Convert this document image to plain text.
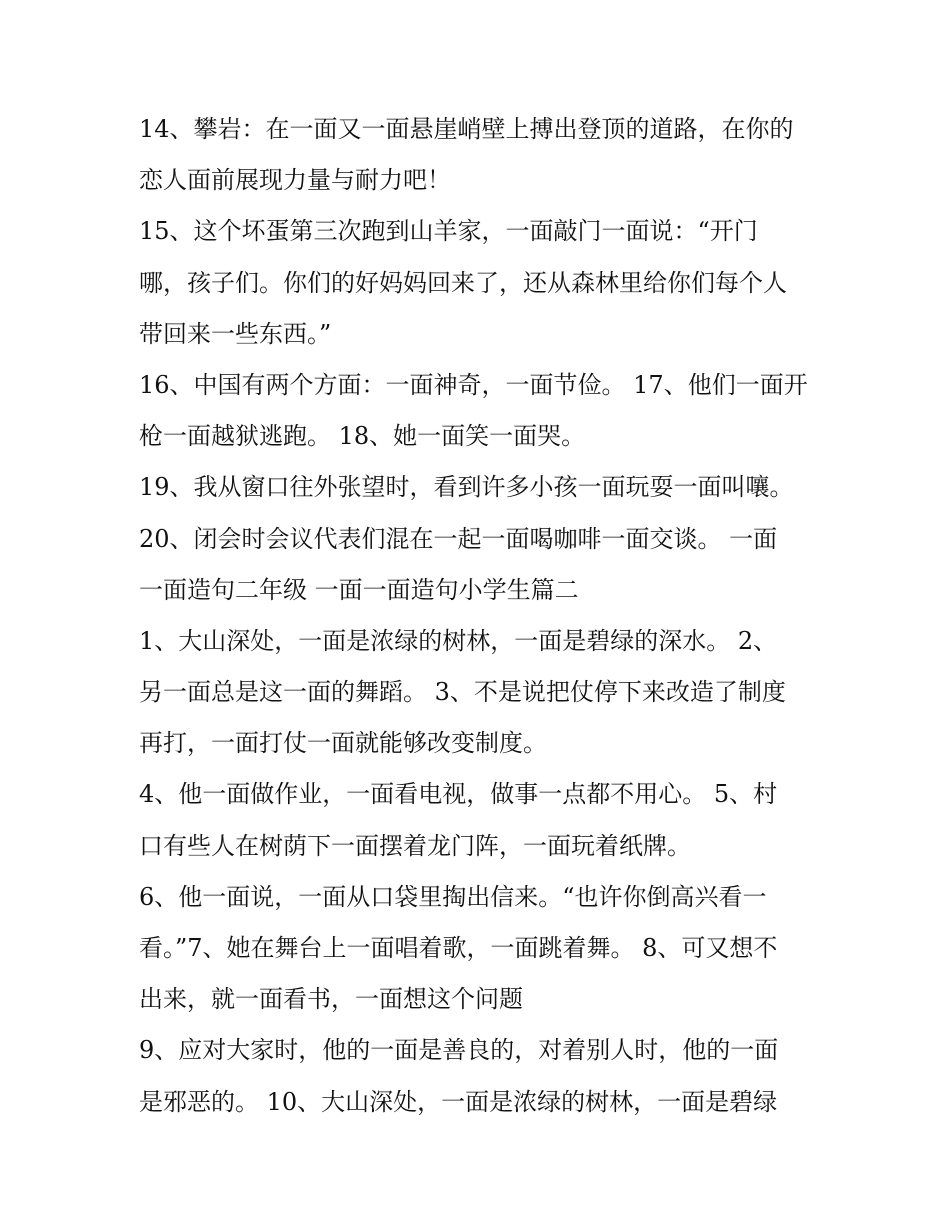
14、攀岩：在一面又一面悬崖峭壁上搏出登顶的道路，在你的
恋人面前展现力量与耐力吧！
15、这个坏蛋第三次跑到山羊家，一面敲门一面说：“开门
哪，孩子们。你们的好妈妈回来了，还从森林里给你们每个人
带回来一些东西。”
16、中国有两个方面：一面神奇，一面节俭。 17、他们一面开
枪一面越狱逃跑。 18、她一面笑一面哭。
19、我从窗口往外张望时，看到许多小孩一面玩耍一面叫嚷。
20、闭会时会议代表们混在一起一面喝咖啡一面交谈。 一面
一面造句二年级 一面一面造句小学生篇二
1、大山深处，一面是浓绿的树林，一面是碧绿的深水。 2、
另一面总是这一面的舞蹈。 3、不是说把仗停下来改造了制度
再打，一面打仗一面就能够改变制度。
4、他一面做作业，一面看电视，做事一点都不用心。 5、村
口有些人在树荫下一面摆着龙门阵，一面玩着纸牌。
6、他一面说，一面从口袋里掏出信来。“也许你倒高兴看一
看。”7、她在舞台上一面唱着歌，一面跳着舞。 8、可又想不
出来，就一面看书，一面想这个问题
9、应对大家时，他的一面是善良的，对着别人时，他的一面
是邪恶的。 10、大山深处，一面是浓绿的树林，一面是碧绿
